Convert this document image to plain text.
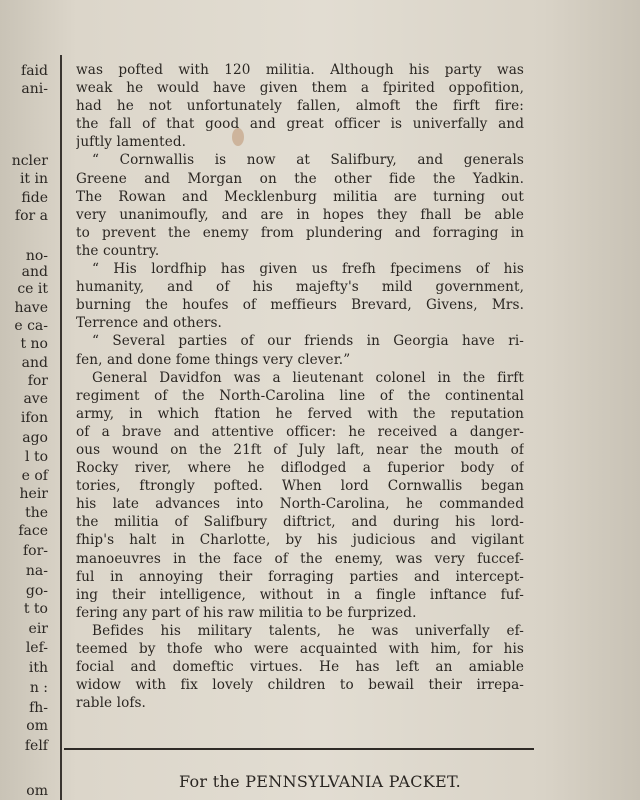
faid
ani-
ncler
it in
fide
for a
no-
and
ce it
have
e ca-
t no
and
for
ave
ifon
ago
l to
e of
heir
the
face
for-
na-
go-
t to
eir
lef-
ith
n :
fh-
om
felf
om
was pofted with 120 militia. Although his party was
weak he would have given them a fpirited oppofition,
had he not unfortunately fallen, almoft the firft fire:
the fall of that good and great officer is univerfally and
juftly lamented.
“ Cornwallis is now at Salifbury, and generals
Greene and Morgan on the other fide the Yadkin.
The Rowan and Mecklenburg militia are turning out
very unanimoufly, and are in hopes they fhall be able
to prevent the enemy from plundering and forraging in
the country.
“ His lordfhip has given us frefh fpecimens of his
humanity, and of his majefty's mild government,
burning the houfes of meffieurs Brevard, Givens, Mrs.
Terrence and others.
“ Several parties of our friends in Georgia have ri-
fen, and done fome things very clever.”
General Davidfon was a lieutenant colonel in the firft
regiment of the North-Carolina line of the continental
army, in which ftation he ferved with the reputation
of a brave and attentive officer: he received a danger-
ous wound on the 21ft of July laft, near the mouth of
Rocky river, where he diflodged a fuperior body of
tories, ftrongly pofted. When lord Cornwallis began
his late advances into North-Carolina, he commanded
the militia of Salifbury diftrict, and during his lord-
fhip's halt in Charlotte, by his judicious and vigilant
manoeuvres in the face of the enemy, was very fuccef-
ful in annoying their forraging parties and intercept-
ing their intelligence, without in a fingle inftance fuf-
fering any part of his raw militia to be furprized.
Befides his military talents, he was univerfally ef-
teemed by thofe who were acquainted with him, for his
focial and domeftic virtues. He has left an amiable
widow with fix lovely children to bewail their irrepa-
rable lofs.
For the PENNSYLVANIA PACKET.
